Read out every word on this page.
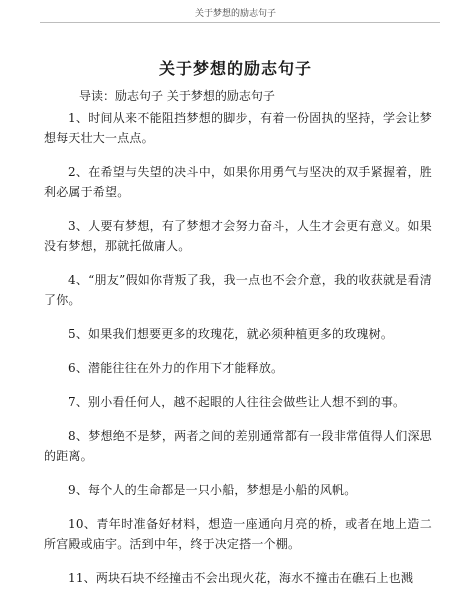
关于梦想的励志句子
关于梦想的励志句子

导读：励志句子 关于梦想的励志句子

1、时间从来不能阻挡梦想的脚步，有着一份固执的坚持，学会让梦想每天壮大一点点。

2、在希望与失望的决斗中，如果你用勇气与坚决的双手紧握着，胜利必属于希望。

3、人要有梦想，有了梦想才会努力奋斗，人生才会更有意义。如果没有梦想，那就托做庸人。

4、“朋友”假如你背叛了我，我一点也不会介意，我的收获就是看清了你。

5、如果我们想要更多的玫瑰花，就必须种植更多的玫瑰树。

6、潜能往往在外力的作用下才能释放。

7、别小看任何人，越不起眼的人往往会做些让人想不到的事。

8、梦想绝不是梦，两者之间的差别通常都有一段非常值得人们深思的距离。

9、每个人的生命都是一只小船，梦想是小船的风帆。

10、青年时准备好材料，想造一座通向月亮的桥，或者在地上造二所宫殿或庙宇。活到中年，终于决定搭一个棚。

11、两块石块不经撞击不会出现火花，海水不撞击在礁石上也溅
